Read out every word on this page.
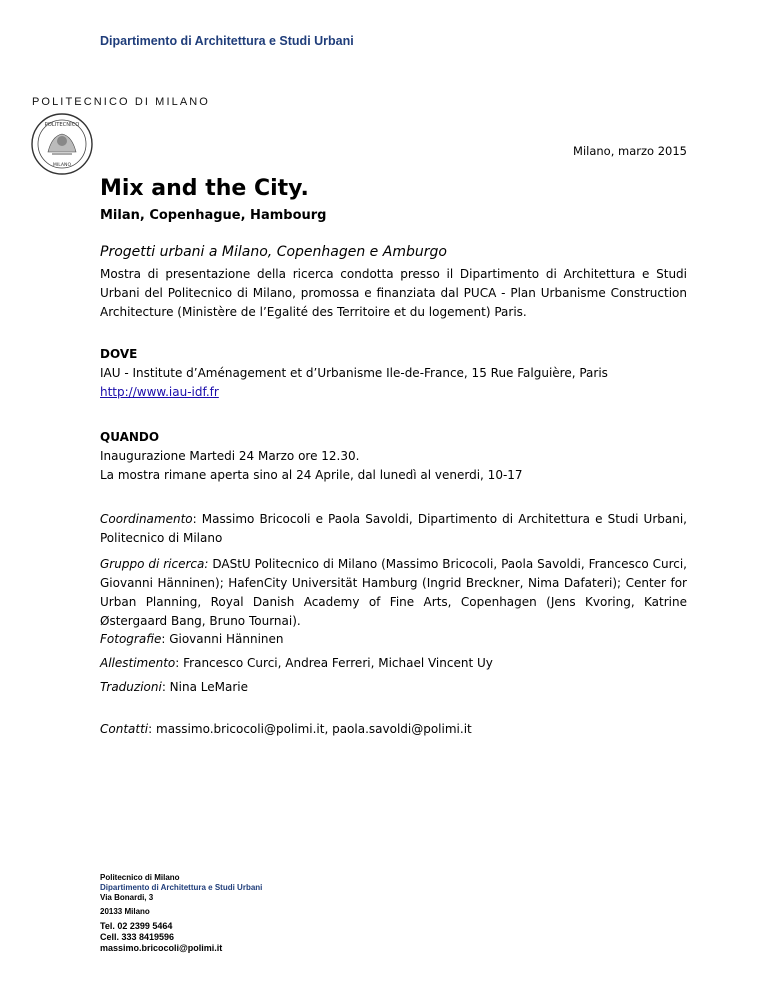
Dipartimento di Architettura e Studi Urbani
POLITECNICO DI MILANO
POLITECNICO
MILANO
Milano, marzo 2015
Mix and the City.
Milan, Copenhague, Hambourg
Progetti urbani a Milano, Copenhagen e Amburgo
Mostra di presentazione della ricerca condotta presso il Dipartimento di Architettura e Studi Urbani del Politecnico di Milano, promossa e finanziata dal PUCA - Plan Urbanisme Construction Architecture (Ministère de l’Egalité des Territoire et du logement) Paris.
DOVE
IAU - Institute d’Aménagement et d’Urbanisme Ile-de-France, 15 Rue Falguière, Paris
http://www.iau-idf.fr
QUANDO
Inaugurazione Martedi 24 Marzo ore 12.30.
La mostra rimane aperta sino al 24 Aprile, dal lunedì al venerdi, 10-17
Coordinamento: Massimo Bricocoli e Paola Savoldi, Dipartimento di Architettura e Studi Urbani, Politecnico di Milano
Gruppo di ricerca: DAStU Politecnico di Milano (Massimo Bricocoli, Paola Savoldi, Francesco Curci, Giovanni Hänninen); HafenCity Universität Hamburg (Ingrid Breckner, Nima Dafateri); Center for Urban Planning, Royal Danish Academy of Fine Arts, Copenhagen (Jens Kvoring, Katrine Østergaard Bang, Bruno Tournai).
Fotografie: Giovanni Hänninen
Allestimento: Francesco Curci, Andrea Ferreri, Michael Vincent Uy
Traduzioni: Nina LeMarie
Contatti: massimo.bricocoli@polimi.it, paola.savoldi@polimi.it
Politecnico di Milano
Dipartimento di Architettura e Studi Urbani
Via Bonardi, 3
20133 Milano
Tel. 02 2399 5464
Cell. 333 8419596
massimo.bricocoli@polimi.it
